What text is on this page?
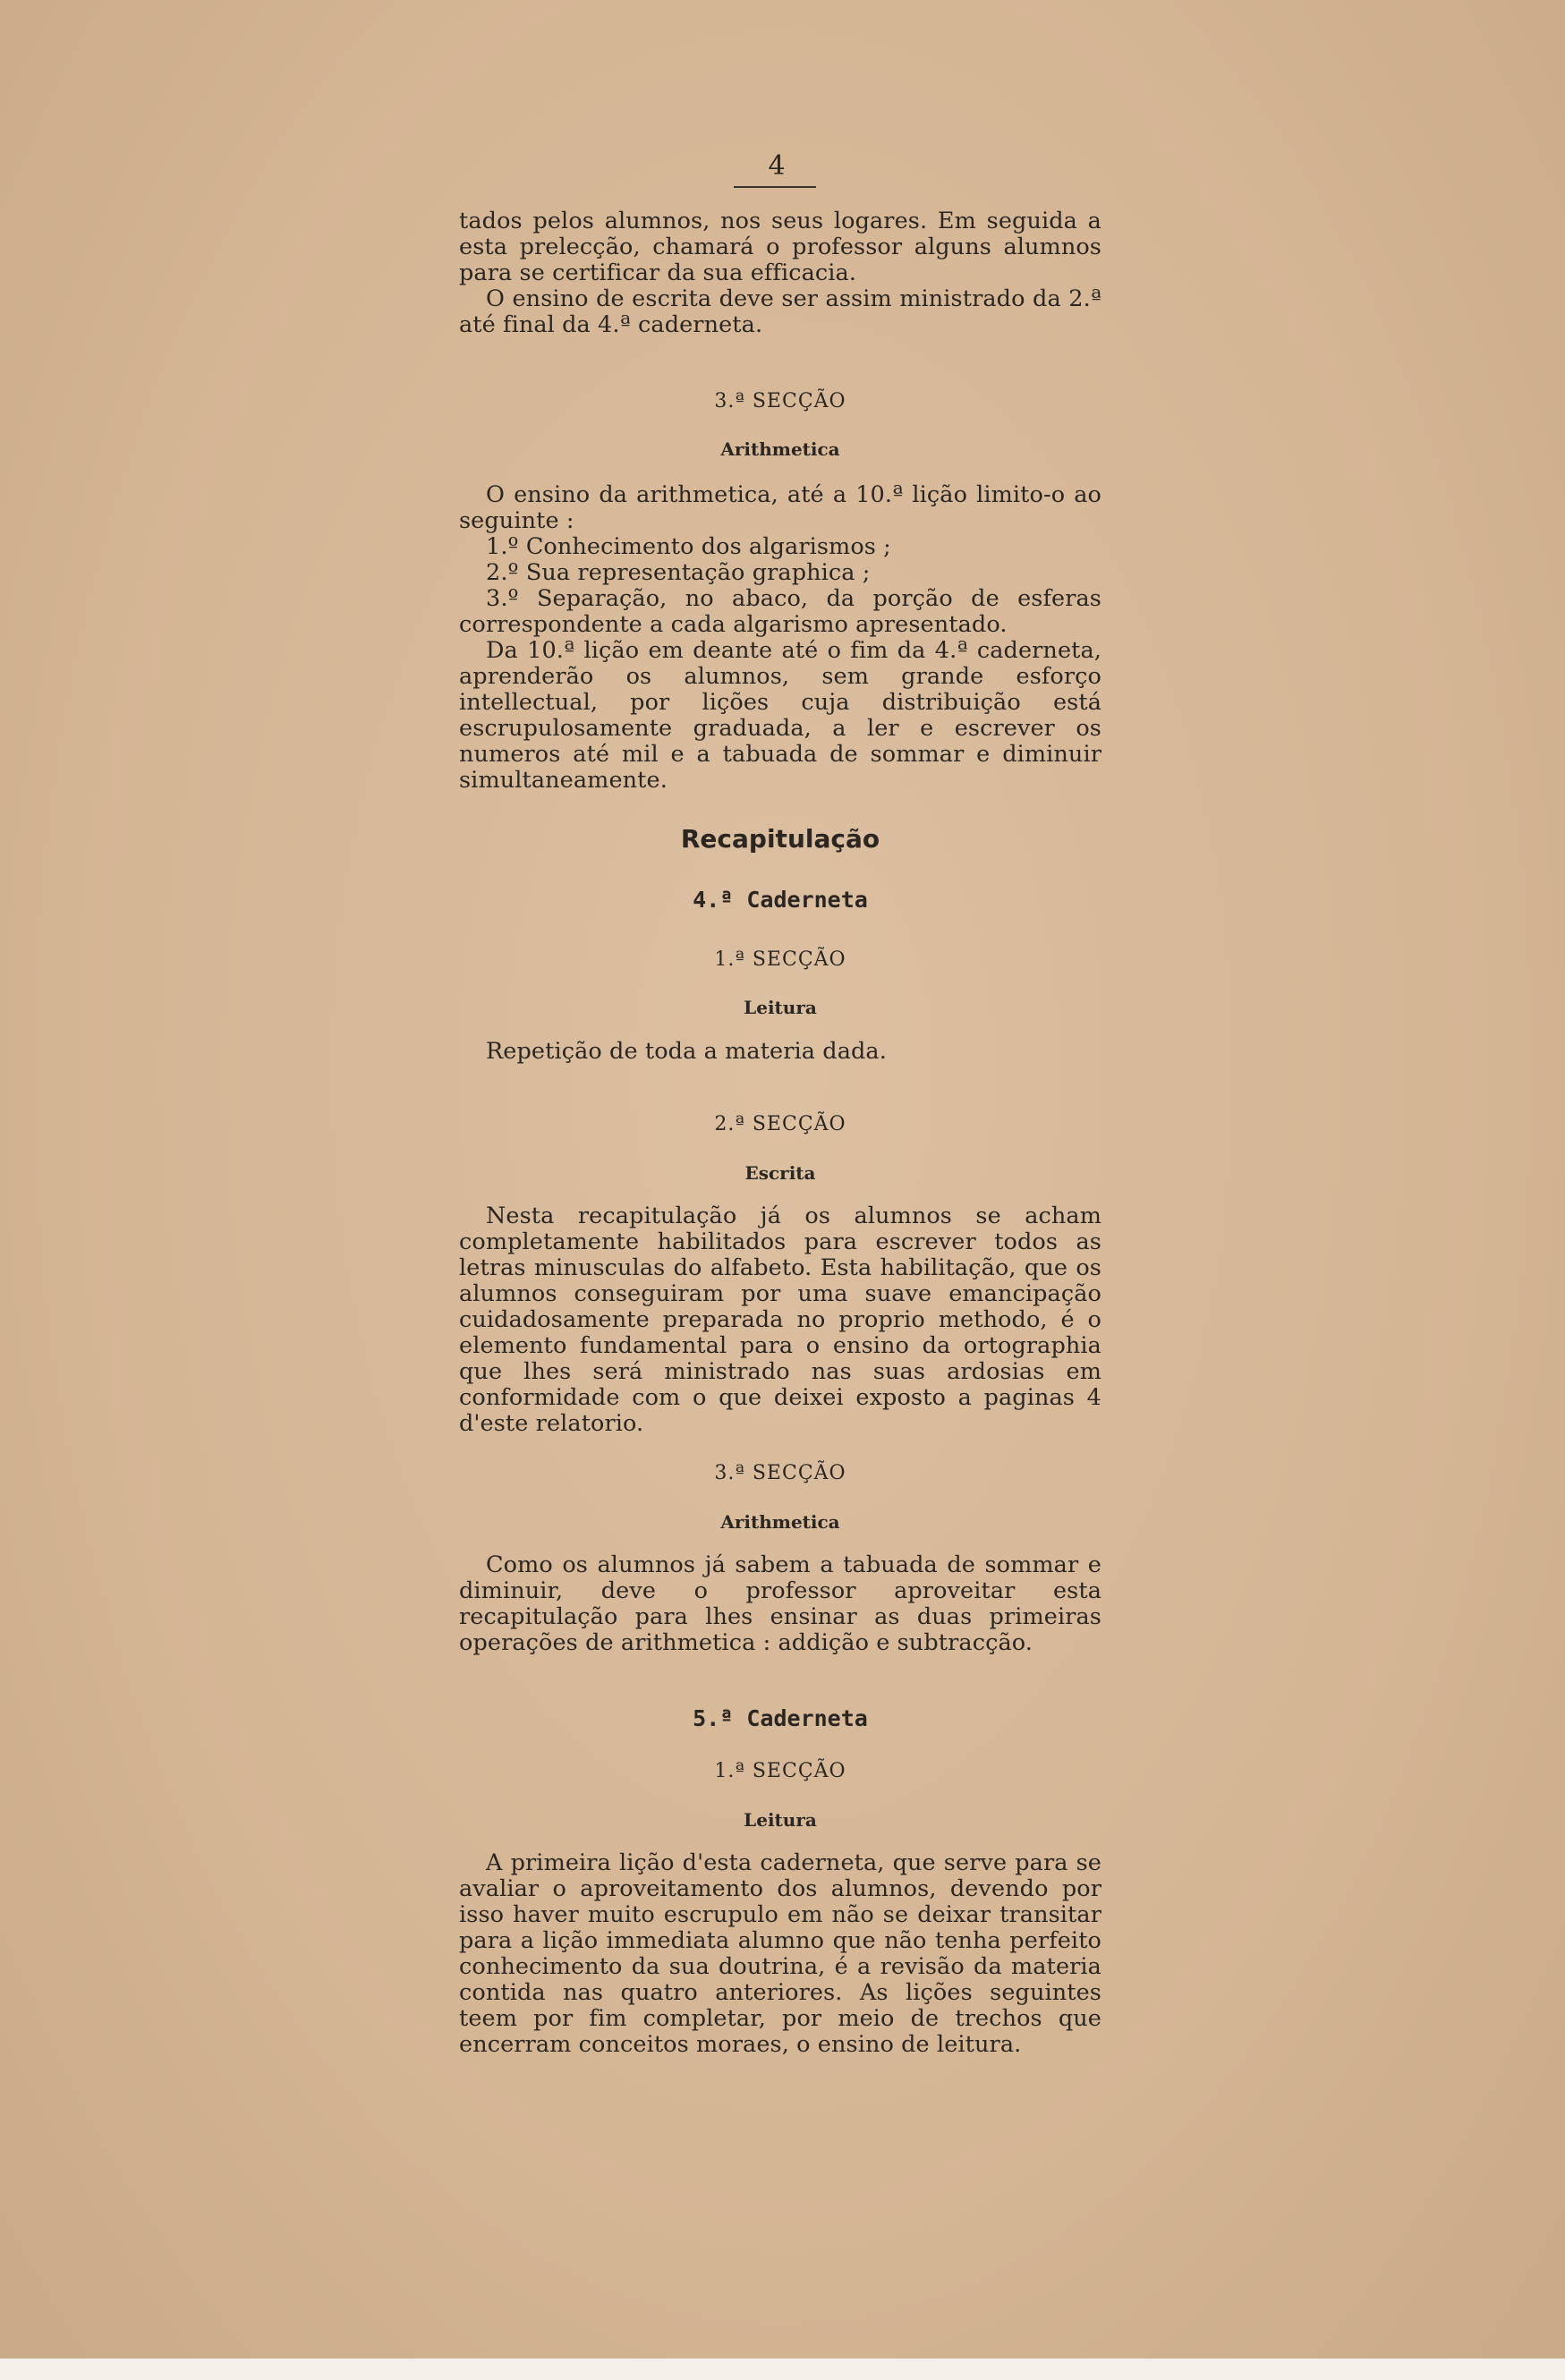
4

tados pelos alumnos, nos seus logares. Em seguida a esta prelecção, chamará o professor alguns alumnos para se certificar da sua efficacia.

O ensino de escrita deve ser assim ministrado da 2.ª até final da 4.ª caderneta.

3.ª SECÇÃO
Arithmetica

O ensino da arithmetica, até a 10.ª lição limito-o ao seguinte :

1.º Conhecimento dos algarismos ;

2.º Sua representação graphica ;

3.º Separação, no abaco, da porção de esferas correspondente a cada algarismo apresentado.

Da 10.ª lição em deante até o fim da 4.ª caderneta, aprenderão os alumnos, sem grande esforço intellectual, por lições cuja distribuição está escrupulosamente graduada, a ler e escrever os numeros até mil e a tabuada de sommar e diminuir simultaneamente.

Recapitulação
4.ª Caderneta
1.ª SECÇÃO
Leitura

Repetição de toda a materia dada.

2.ª SECÇÃO
Escrita

Nesta recapitulação já os alumnos se acham completamente habilitados para escrever todos as letras minusculas do alfabeto. Esta habilitação, que os alumnos conseguiram por uma suave emancipação cuidadosamente preparada no proprio methodo, é o elemento fundamental para o ensino da ortographia que lhes será ministrado nas suas ardosias em conformidade com o que deixei exposto a paginas 4 d'este relatorio.

3.ª SECÇÃO
Arithmetica

Como os alumnos já sabem a tabuada de sommar e diminuir, deve o professor aproveitar esta recapitulação para lhes ensinar as duas primeiras operações de arithmetica : addição e subtracção.

5.ª Caderneta
1.ª SECÇÃO
Leitura

A primeira lição d'esta caderneta, que serve para se avaliar o aproveitamento dos alumnos, devendo por isso haver muito escrupulo em não se deixar transitar para a lição immediata alumno que não tenha perfeito conhecimento da sua doutrina, é a revisão da materia contida nas quatro anteriores. As lições seguintes teem por fim completar, por meio de trechos que encerram conceitos moraes, o ensino de leitura.
